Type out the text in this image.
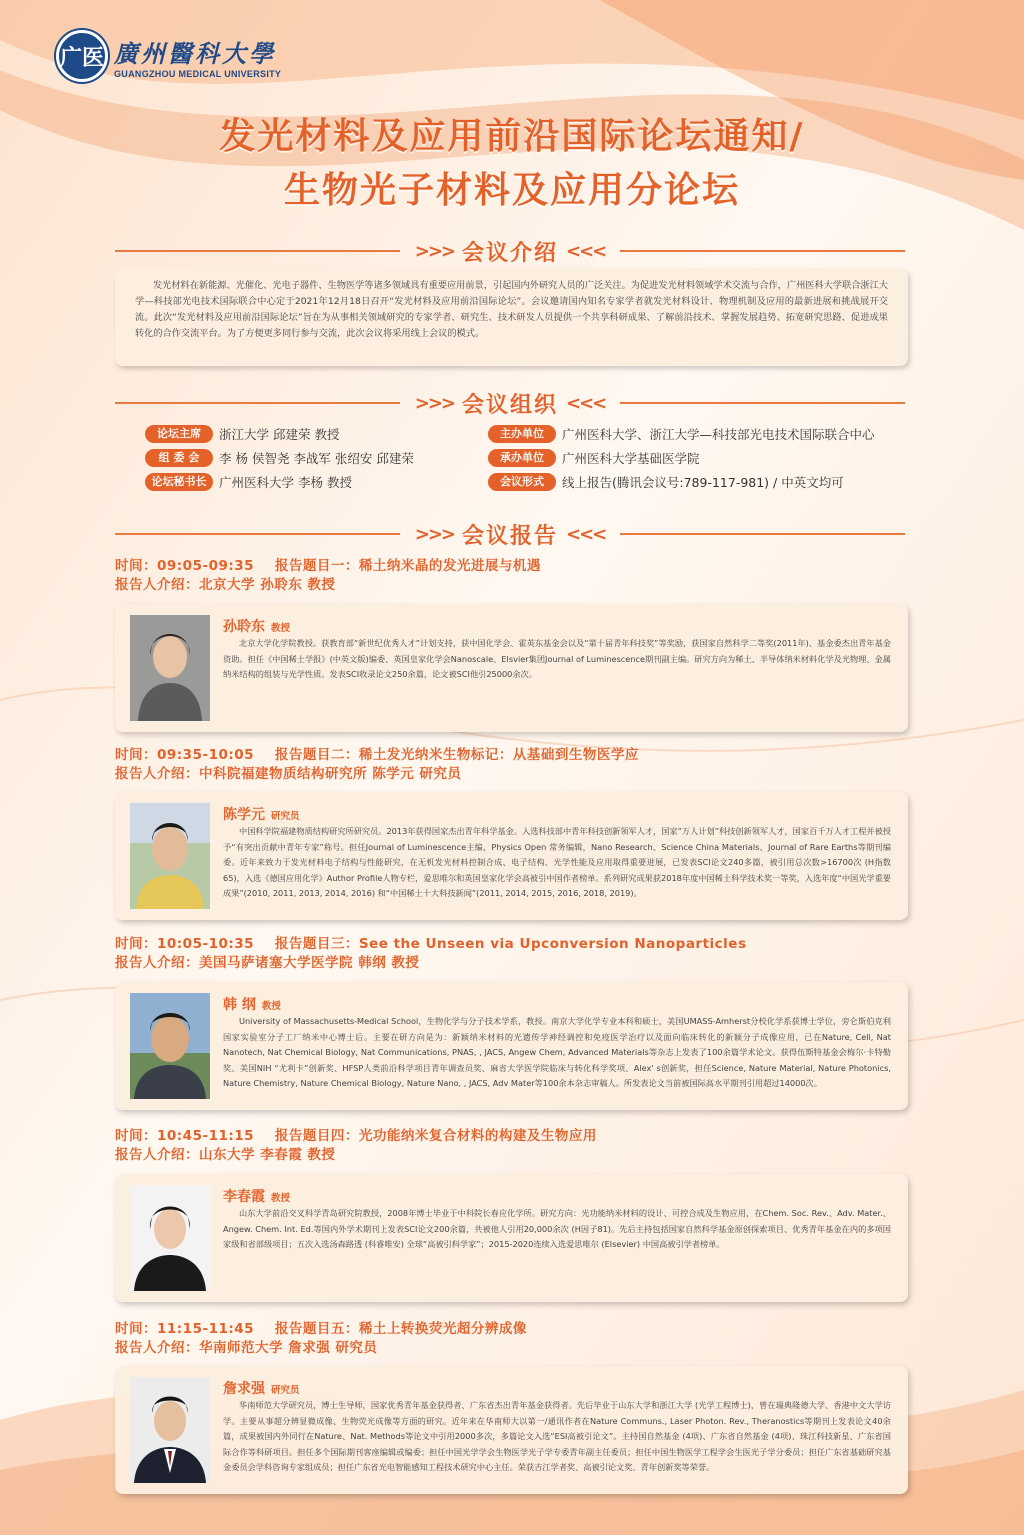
广医 廣州醫科大學
GUANGZHOU MEDICAL UNIVERSITY
发光材料及应用前沿国际论坛通知/
生物光子材料及应用分论坛
>>> 会议介绍 <<<
发光材料在新能源、光催化、光电子器件、生物医学等诸多领域具有重要应用前景，引起国内外研究人员的广泛关注。为促进发光材料领域学术交流与合作，广州医科大学联合浙江大学—科技部光电技术国际联合中心定于2021年12月18日召开“发光材料及应用前沿国际论坛”。会议邀请国内知名专家学者就发光材料设计、物理机制及应用的最新进展和挑战展开交流。此次“发光材料及应用前沿国际论坛”旨在为从事相关领域研究的专家学者、研究生、技术研发人员提供一个共享科研成果、了解前沿技术、掌握发展趋势、拓宽研究思路、促进成果转化的合作交流平台。为了方便更多同行参与交流，此次会议将采用线上会议的模式。
>>> 会议组织 <<<
论坛主席	浙江大学 邱建荣 教授
组 委 会	李 杨 侯智尧 李战军 张绍安 邱建荣
论坛秘书长	广州医科大学 李杨 教授
主办单位	广州医科大学、浙江大学—科技部光电技术国际联合中心
承办单位	广州医科大学基础医学院
会议形式	线上报告(腾讯会议号:789-117-981) / 中英文均可
>>> 会议报告 <<<
时间：09:05-09:35 报告题目一：稀土纳米晶的发光进展与机遇
报告人介绍：北京大学 孙聆东 教授
孙聆东 教授
北京大学化学院教授。获教育部“新世纪优秀人才”计划支持，获中国化学会、霍英东基金会以及“第十届青年科技奖”等奖励，获国家自然科学二等奖(2011年)、基金委杰出青年基金资助。担任《中国稀土学报》(中英文版)编委、英国皇家化学会Nanoscale、Elsvier集团Journal of Luminescence期刊副主编。研究方向为稀土、半导体纳米材料化学及光物理、金属纳米结构的组装与光学性质。发表SCI收录论文250余篇，论文被SCI他引25000余次。
时间：09:35-10:05 报告题目二：稀土发光纳米生物标记：从基础到生物医学应
报告人介绍：中科院福建物质结构研究所 陈学元 研究员
陈学元 研究员
中国科学院福建物质结构研究所研究员。2013年获得国家杰出青年科学基金。入选科技部中青年科技创新领军人才，国家“万人计划”科技创新领军人才，国家百千万人才工程并被授予“有突出贡献中青年专家”称号。担任Journal of Luminescence主编，Physics Open 常务编辑，Nano Research、Science China Materials、Journal of Rare Earths等期刊编委。近年来致力于发光材料电子结构与性能研究，在无机发光材料控制合成、电子结构、光学性能及应用取得重要进展，已发表SCI论文240多篇，被引用总次数>16700次 (H指数 65)，入选《德国应用化学》Author Profile人物专栏，爱思唯尔和英国皇家化学会高被引中国作者榜单。系列研究成果获2018年度中国稀土科学技术奖一等奖，入选年度“中国光学重要成果”(2010, 2011, 2013, 2014, 2016) 和“中国稀土十大科技新闻”(2011, 2014, 2015, 2016, 2018, 2019)。
时间：10:05-10:35 报告题目三：See the Unseen via Upconversion Nanoparticles
报告人介绍：美国马萨诸塞大学医学院 韩纲 教授
韩 纲 教授
University of Massachusetts-Medical School，生物化学与分子技术学系，教授。南京大学化学专业本科和硕士，美国UMASS-Amherst分校化学系获博士学位，旁仑斯伯克利国家实验室分子工厂纳米中心博士后。主要在研方向是为：新颖纳米材料的光遗传学神经调控和免疫医学治疗以及面向临床转化的新颖分子成像应用，已在Nature, Cell, Nat Nanotech, Nat Chemical Biology, Nat Communications, PNAS, , JACS, Angew Chem, Advanced Materials等杂志上发表了100余篇学术论文。获得伍斯特基金会梅尔·卡特勒奖、美国NIH “尤利卡”创新奖、HFSP人类前沿科学项目青年调查员奖、麻省大学医学院临床与转化科学奖项、Alex' s创新奖，担任Science, Nature Material, Nature Photonics, Nature Chemistry, Nature Chemical Biology, Nature Nano, , JACS, Adv Mater等100余本杂志审稿人。所发表论文当前被国际高水平期刊引用超过14000次。
时间：10:45-11:15 报告题目四：光功能纳米复合材料的构建及生物应用
报告人介绍：山东大学 李春霞 教授
李春霞 教授
山东大学前沿交叉科学青岛研究院教授，2008年博士毕业于中科院长春应化学所。研究方向：光功能纳米材料的设计、可控合成及生物应用，在Chem. Soc. Rev.、Adv. Mater.、Angew. Chem. Int. Ed.等国内外学术期刊上发表SCI论文200余篇，共被他人引用20,000余次 (H因子81)。先后主持包括国家自然科学基金原创探索项目、优秀青年基金在内的多项国家级和省部级项目；五次入选汤森路透 (科睿唯安) 全球“高被引科学家”；2015-2020连续入选爱思唯尔 (Elsevier) 中国高被引学者榜单。
时间：11:15-11:45 报告题目五：稀土上转换荧光超分辨成像
报告人介绍：华南师范大学 詹求强 研究员
詹求强 研究员
华南师范大学研究员，博士生导师，国家优秀青年基金获得者、广东省杰出青年基金获得者。先后毕业于山东大学和浙江大学 (光学工程博士)，曾在瑞典隆德大学、香港中文大学访学。主要从事超分辨显微成像、生物荧光成像等方面的研究。近年来在华南师大以第一/通讯作者在Nature Communs., Laser Photon. Rev., Theranostics等期刊上发表论文40余篇，成果被国内外同行在Nature、Nat. Methods等论文中引用2000多次，多篇论文入选“ESI高被引论文”。主持国自然基金 (4项)、广东省自然基金 (4项)、珠江科技新星、广东省国际合作等科研项目。担任多个国际期刊客座编辑或编委；担任中国光学学会生物医学光子学专委青年副主任委员；担任中国生物医学工程学会生医光子学分委员；担任广东省基础研究基金委员会学科咨询专家组成员；担任广东省光电智能感知工程技术研究中心主任。荣获吉江学者奖、高被引论文奖、青年创新奖等荣誉。
